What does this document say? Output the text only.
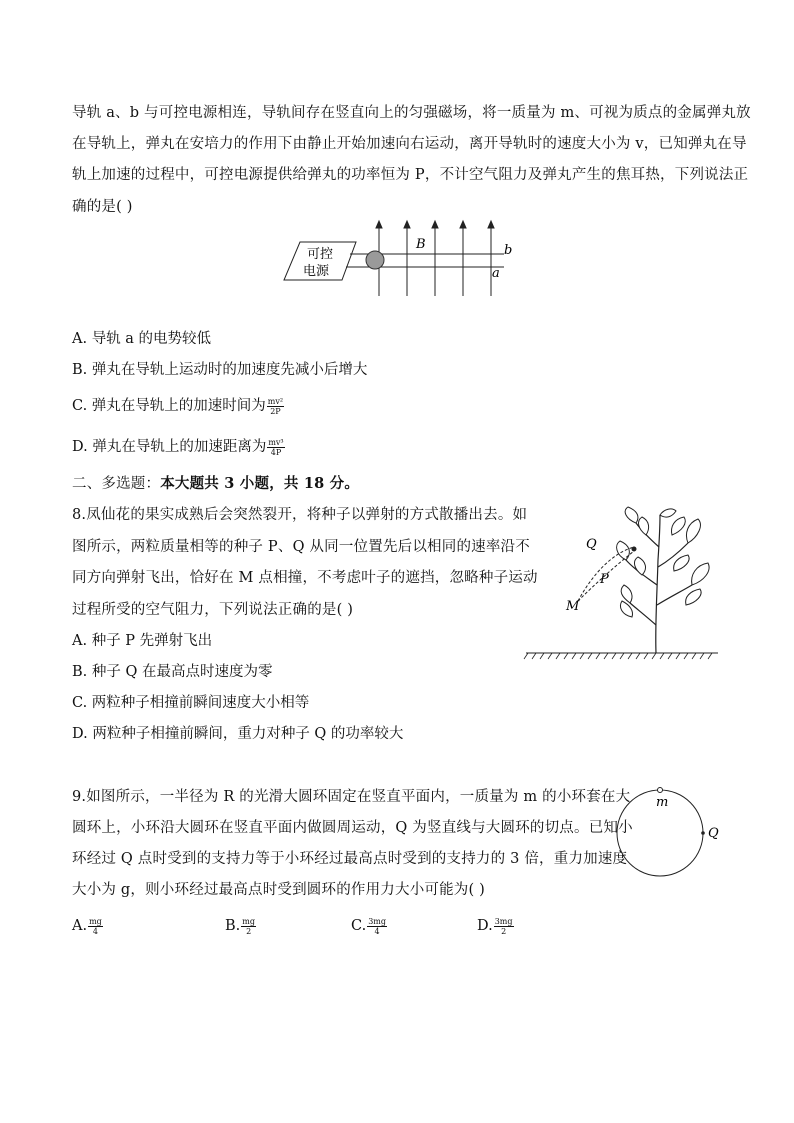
导轨 a、b 与可控电源相连，导轨间存在竖直向上的匀强磁场，将一质量为 m、可视为质点的金属弹丸放
在导轨上，弹丸在安培力的作用下由静止开始加速向右运动，离开导轨时的速度大小为 v，已知弹丸在导
轨上加速的过程中，可控电源提供给弹丸的功率恒为 P，不计空气阻力及弹丸产生的焦耳热，下列说法正
确的是( )
可控
电源
B	b
a
A. 导轨 a 的电势较低
B. 弹丸在导轨上运动时的加速度先减小后增大
C. 弹丸在导轨上的加速时间为 $\frac{\text{mv²}}{2P}$
D. 弹丸在导轨上的加速距离为 $\frac{\text{mv³}}{4P}$
二、多选题：本大题共 3 小题，共 18 分。
8.凤仙花的果实成熟后会突然裂开，将种子以弹射的方式散播出去。如
图所示，两粒质量相等的种子 P、Q 从同一位置先后以相同的速率沿不
同方向弹射飞出，恰好在 M 点相撞，不考虑叶子的遮挡，忽略种子运动
过程所受的空气阻力，下列说法正确的是( )
Q
P
M
A. 种子 P 先弹射飞出
B. 种子 Q 在最高点时速度为零
C. 两粒种子相撞前瞬间速度大小相等
D. 两粒种子相撞前瞬间，重力对种子 Q 的功率较大
9.如图所示，一半径为 R 的光滑大圆环固定在竖直平面内，一质量为 m 的小环套在大
圆环上，小环沿大圆环在竖直平面内做圆周运动，Q 为竖直线与大圆环的切点。已知小
环经过 Q 点时受到的支持力等于小环经过最高点时受到的支持力的 3 倍，重力加速度
大小为 g，则小环经过最高点时受到圆环的作用力大小可能为( )
m
Q
A. $\frac{mg}{4}$	B. $\frac{mg}{2}$	C. $\frac{3mg}{4}$	D. $\frac{3mg}{2}$
